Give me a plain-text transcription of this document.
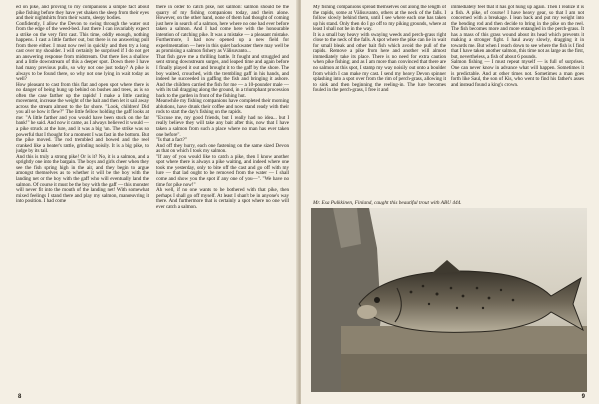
ed on pike, and proving to my companions a simple fact about pike fishing before they have yet shaken the sleep from their eyes and their nightshirts from their warm, sleepy bodies.

Confidently, I allow the Devon to swing through the water out from the edge of the weed-bed. Just there I can invariably expect a strike on the very first cast. This time, oddly enough, nothing happens. I cast a little farther out, but there is no answering pull from there either. I must now reel in quickly and then try a long cast over my shoulder. I will certainly be surprised if I do not get an answering response from midstream. Out there lies a shallow and a little downstream of this a deeper spot. Down there I have had many previous pulls, so why not one just today? A pike is always to be found there, so why not one lying in wait today as well?

How pleasant to cast from this flat and open spot where there is no danger of being hung up behind on bushes and trees, as is so often the case farther up the rapids! I make a little casting movement, increase the weight of the bait and then let it sail away across the stream almost to the far shore. "Look, children! Did you all se how it flew?" The little fellow holding the gaff looks at me: "A little farther and you would have been stuck on the far bank!" he said. And now it came, as I always believed it would — a pike struck at the lure, and it was a big 'un. The strike was so powerful that I thought for a moment I was fast in the bottom. But the pike moved. The rod trembled and bowed and the reel cranked like a beater's rattle, grinding noisily. It is a big pike, to judge by its tail.

And this is truly a strong pike! Or is it? No, it is a salmon, and a sprightly one into the bargain. The boys and girls cheer when they see the fish spring high in the air, and they begin to argue amongst themselves as to whether it will be the boy with the landing net or the boy with the gaff who will eventually land the salmon. Of course it must be the boy with the gaff — this monster will never fit into the mouth of the landing net! With somewhat mixed feelings I stand there and play my salmon, manœuvring it into position. I had come

there in order to catch pike, not salmon: salmon should be the quarry of my fishing companions today, and theirs alone. However, on the other hand, none of them had thought of coming just here in search of a salmon, here where no one had ever before taken a salmon. And I had come here with the honourable intention of catching pike. It was a mistake — a pleasant mistake. Furthermore, I had now opened up a new field for experimentation — here in this quiet backwater there may well be as promising a salmon fishery as Välisuvanto...

That fish gave me a thrilling battle. It fought and struggled and sent strong downstream surges, and leaped time and again before I finally played it out and brought it to the gaff by the shore. The boy waited, crouched, with the trembling gaff in his hands, and indeed he succeeded in gaffing the fish and bringing it ashore. And the children carried the fish for me — a 10-pounder male — with its tail dragging along the ground, in a triumphant procession back to the garden in front of the fishing hut.

Meanwhile my fishing companions have completed their morning ablutions, have drunk their coffee and now stand ready with their rods to start the day's fishing on the rapids.

"Excuse me, my good friends, but I really had no idea... but I really believe they will take any bait after this, now that I have taken a salmon from such a place where no man has ever taken one before".

"Is that a fact?"

And off they hurry, each one fastening on the same sized Devon as that on which I took my salmon.

"If any of you would like to catch a pike, then I know another spot where there is always a pike waiting, and indeed where one took me yesterday, only to bite off the cast and go off with my lure — that lad ought to be removed from the water — I shall come and show you the spot if any one of you—". "We have no time for pike now!"

Ah well, if no one wants to be bothered with that pike, then perhaps I shall go off myself. At least I shan't be in anyone's way there. And furthermore that is certainly a spot where no one will ever catch a salmon.

8

My fishing companions spread themselves out along the length of the rapids, some at Välisuvanto, others at the neck of the falls. I follow slowly behind them, until I see where each one has taken up his stand. Only then do I go off to my piking grounds, where at least I shall not be in the way.

It is a small bay heavy with swaying weeds and perch-grass right close to the neck of the falls. A spot where the pike can lie in wait for small bleak and other bait fish which avoid the pull of the rapids. Remove a pike from here and another will almost immediately take its place. There is no need for extra caution when pike fishing; and as I am more than convinced that there are no salmon at this spot, I stamp my way noisily out onto a boulder from which I can make my cast. I send my heavy Devon spinner splashing into a spot over from the rim of perch-grass, allowing it to sink and then beginning the reeling-in. The lure becomes fouled in the perch-grass, I free it and

immediately feel that it has got hung up again. Then I realize it is a fish. A pike, of course! I have heavy gear, so that I am not concerned with a breakage. I lean back and put my weight into the bending rod and then decide to bring in the pike on the reel. The fish becomes more and more entangled in the perch-grass. It has a mass of this grass wound about its head which prevents it making a stronger fight. I haul away slowly, dragging it in towards me. But when I reach down to see where the fish is I find that I have taken another salmon, this time not as large as the first, but, nevertheless, a fish of about 6 pounds.

Salmon fishing — I must repeat myself — is full of surprises. One can never know in advance what will happen. Sometimes it is predictable. And at other times not. Sometimes a man goes forth like Saul, the son of Kis, who went to find his father's asses and instead found a king's crown.

Mr. Esa Pulkkinen, Finland, caught this beautiful trout with ABU 444.
9
